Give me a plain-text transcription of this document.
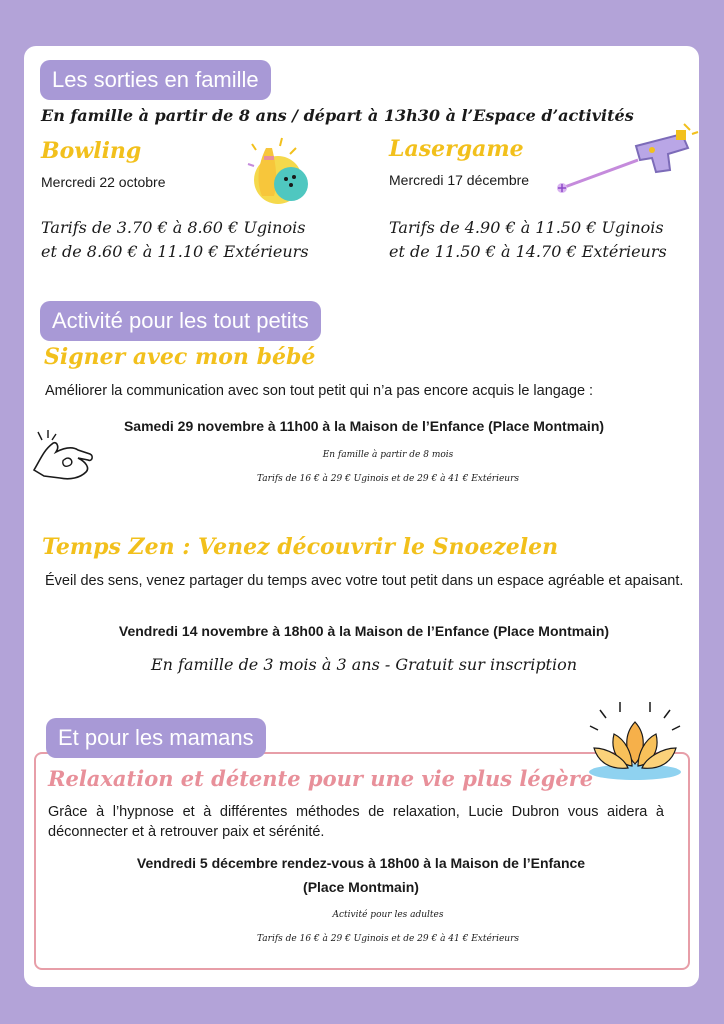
Les sorties en famille
En famille à partir de 8 ans / départ à 13h30 à l’Espace d’activités
Bowling
Mercredi 22 octobre
Tarifs de 3.70 € à 8.60 € Uginois
et de 8.60 € à 11.10 € Extérieurs
Lasergame
Mercredi 17 décembre
Tarifs de 4.90 € à 11.50 € Uginois
et de 11.50 € à 14.70 € Extérieurs
Activité pour les tout petits
Signer avec mon bébé
Améliorer la communication avec son tout petit qui n’a pas encore acquis le langage :
Samedi 29 novembre à 11h00 à la Maison de l’Enfance (Place Montmain)
En famille à partir de 8 mois
Tarifs de 16 € à 29 € Uginois et de 29 € à 41 € Extérieurs
Temps Zen : Venez découvrir le Snoezelen
Éveil des sens, venez partager du temps avec votre tout petit dans un espace agréable et apaisant.
Vendredi 14 novembre à 18h00 à la Maison de l’Enfance (Place Montmain)
En famille de 3 mois à 3 ans - Gratuit sur inscription
Et pour les mamans
Relaxation et détente pour une vie plus légère
Grâce à l’hypnose et à différentes méthodes de relaxation, Lucie Dubron vous aidera à déconnecter et à retrouver paix et sérénité.
Vendredi 5 décembre rendez-vous à 18h00 à la Maison de l’Enfance
(Place Montmain)
Activité pour les adultes
Tarifs de 16 € à 29 € Uginois et de 29 € à 41 € Extérieurs
